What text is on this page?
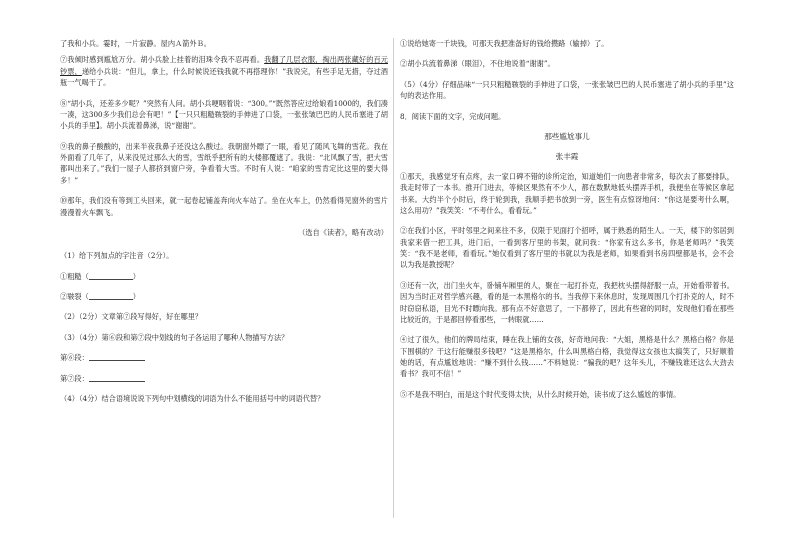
了我和小兵。霎时，一片寂静。屋内Ａ箭外Ｂ。

⑦我倾时感到尴尬万分。胡小兵脸上挂着的泪珠令我不忍再看。我翻了几层衣服，掏出两张藏好的百元钞票，递给小兵说：“但儿，拿上，什么时候说还钱我就不再搭理你！”我说完，有些手足无措，夺过酒瓶一气喝干了。

⑧“胡小兵，还差多少呢？”突然有人问。胡小兵哽咽着说：“300。”“既然答应过给娘看1000的，我们凑一凑，这300多少我们总会有吧！”【一只只粗糙皲裂的手伸进了口袋，一张张皱巴巴的人民币塞进了胡小兵的手里】。胡小兵流着鼻涕，说“谢谢”。

⑨我的鼻子酸酸的，出来半夜我鼻子还没这么酸过。我朝窗外瞟了一眼，看见了随风飞舞的雪花。我在外面看了几年了，从来没见过那么大的雪，雪纸乎把所有的大楼都覆遮了。我说：“北风飘了雪，把大雪都叫出来了。”我们一屋子人都挤到窗户旁，争看着大雪。不时有人说：“咱家的雪肯定比这里的要大得多！”

⑩那年，我们没有等到工头回来，就一起卷起铺盖奔向火车站了。坐在火车上，仍然看得见窗外的雪片漫漫着火车飘飞。

（选自《读者》，略有改动）

（1）给下列加点的字注音（2分）。

①粗糙（	）

②皲裂（	）

（2）（2分）文章第⑦段写得好，好在哪里？

（3）（4分）第⑥段和第⑦段中划线的句子各运用了哪种人物描写方法？

第⑥段：

第⑦段：

（4）（4分）结合语境说说下列句中划横线的词语为什么不能用括号中的词语代替？

①说给她寄一千块钱，可那天我把准备好的钱给攒路（输掉）了。

②胡小兵流着鼻涕（眼泪），不住地说着“谢谢”。

（5）（4分）仔细品味“一只只粗糙皲裂的手伸进了口袋，一张张皱巴巴的人民币塞进了胡小兵的手里”这句的表达作用。

8．阅读下面的文字，完成问题。

那些尴尬事儿

张丰霞

①那天，我感觉牙有点疼，去一家口碑不错的诊所定治，知道她们一向患者非常多，每次去了都要排队，我走时带了一本书。推开门进去，等候区果然有不少人，都在数默地低头摆弄手机，我便坐在等候区拿起书来。大约半个小时后，终于轮到我，我顺手把书放到一旁，医生有点惊讶地问：“你这是要考什么啊，这么用功？”我笑笑：“不考什么，看看玩。”

②在我们小区，平时邻里之间来往不多，仅限于见面打个招呼，属于熟悉的陌生人。一天，楼下的邻居到我家来借一把工具，进门后，一看到客厅里的书架，就问我：“你家有这么多书，你是老师吗？”我笑笑：“我不是老师，看看玩。”她仅看到了客厅里的书就以为我是老师，如果看到书房四壁都是书，会不会以为我是教授呢？

③还有一次，出门坐火车，卧铺车厢里的人，聚在一起打扑克，我把枕头摆得舒服一点，开始看带着书。因为当时正对哲学感兴趣，看的是一本黑格尔的书。当我停下来休息时，发现周围几个打扑克的人，时不时窃窃私语，目光不时瞟向我。那有点不好意思了，一下都停了，因此有些窘的同时，发现他们看在那些比较近的，于是都回停看那些，一转眼就……

④过了很久，他们的牌局结束，睡在我上铺的女孩，好奇地问我：“大姐，黑格是什么？黑格白格？你是下围棋的？干这行能赚很多钱吧？”这是黑格尔，什么叫黑格白格，我觉得这女孩也太搞笑了，只好顺着她的话，有点尴尬地说：“赚不到什么钱……”不料她说：“骗我的吧？这年头儿，不赚钱谁还这么大劲去看书？我可不信！”

⑤不是我不明白，而是这个时代变得太快，从什么时候开始，读书成了这么尴尬的事情。
